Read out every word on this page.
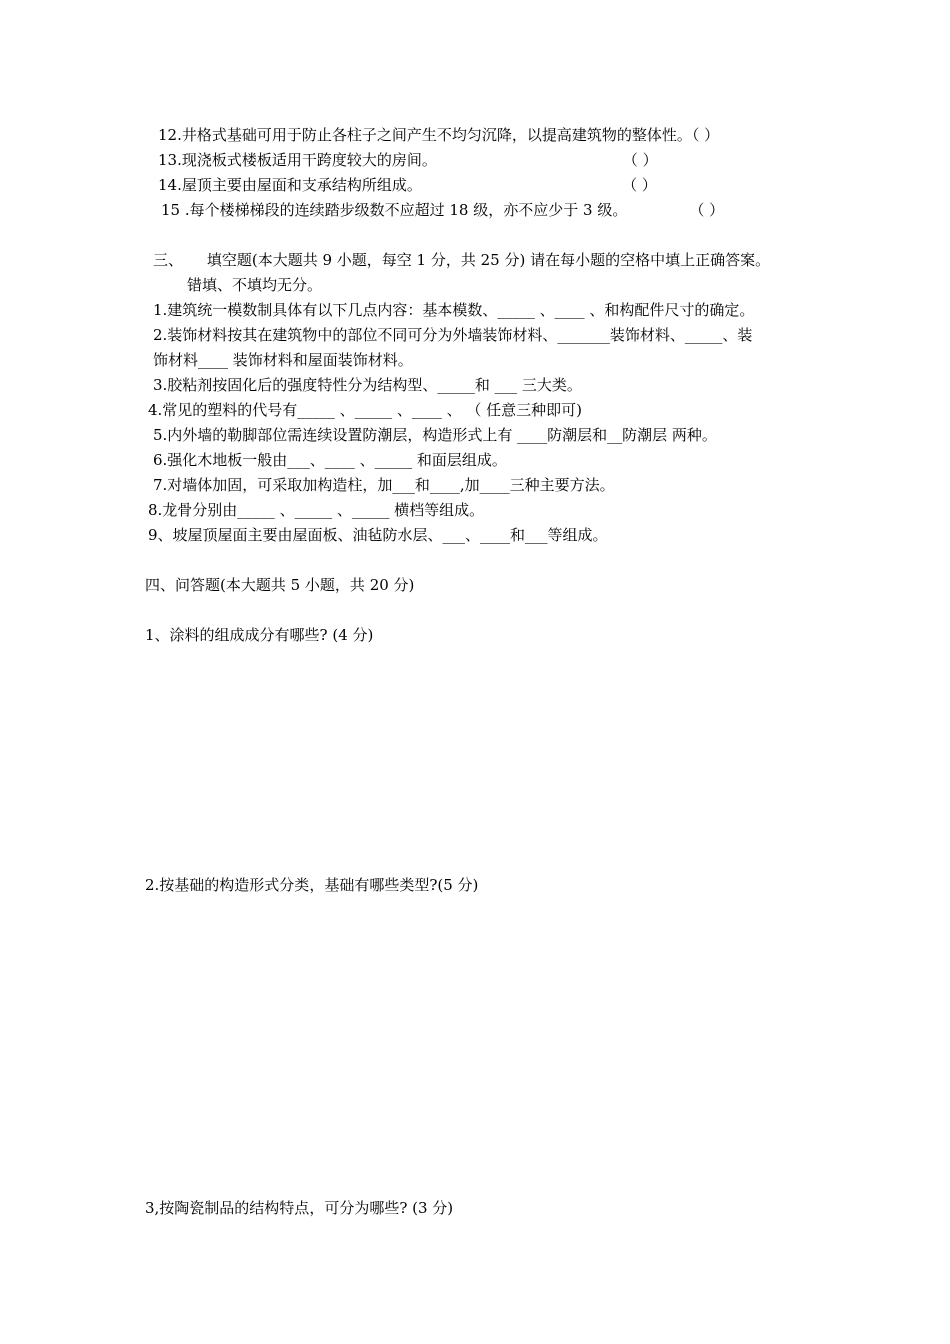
12.井格式基础可用于防止各柱子之间产生不均匀沉降，以提高建筑物的整体性。（ ）
13.现浇板式楼板适用干跨度较大的房间。                                       （ ）
14.屋顶主要由屋面和支承结构所组成。                                          （ ）
15 .每个楼梯梯段的连续踏步级数不应超过 18 级，亦不应少于 3 级。             （ ）
三、     填空题(本大题共 9 小题，每空 1 分，共 25 分) 请在每小题的空格中填上正确答案。
错填、不填均无分。
1.建筑统一模数制具体有以下几点内容：基本模数、_____ 、____ 、和构配件尺寸的确定。
2.装饰材料按其在建筑物中的部位不同可分为外墙装饰材料、_______装饰材料、_____、装
饰材料____ 装饰材料和屋面装饰材料。
3.胶粘剂按固化后的强度特性分为结构型、_____和 ___ 三大类。
4.常见的塑料的代号有_____ 、_____ 、____ 、 （ 任意三种即可)
5.内外墙的勒脚部位需连续设置防潮层，构造形式上有 ____防潮层和__防潮层 两种。
6.强化木地板一般由___、____ 、_____ 和面层组成。
7.对墙体加固，可采取加构造柱，加___和____,加____三种主要方法。
8.龙骨分别由_____ 、_____ 、_____ 横档等组成。
9、坡屋顶屋面主要由屋面板、油毡防水层、___、____和___等组成。
四、问答题(本大题共 5 小题，共 20 分)
1、涂料的组成成分有哪些? (4 分)
2.按基础的构造形式分类，基础有哪些类型?(5 分)
3,按陶瓷制品的结构特点，可分为哪些? (3 分)
